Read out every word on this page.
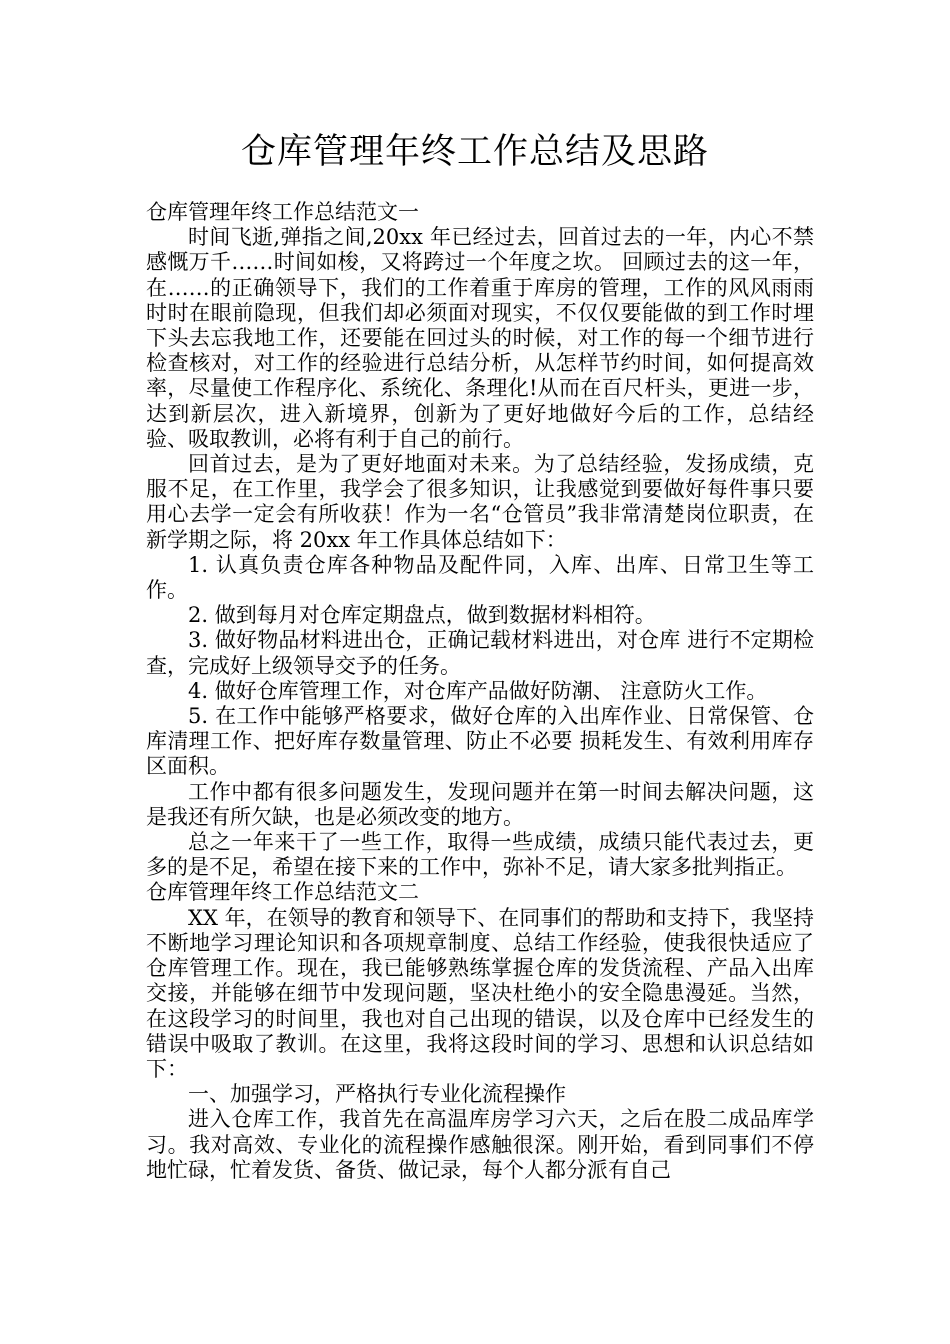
仓库管理年终工作总结及思路

仓库管理年终工作总结范文一

时间飞逝,弹指之间,20xx 年已经过去，回首过去的一年，内心不禁感慨万千……时间如梭，又将跨过一个年度之坎。 回顾过去的这一年，在……的正确领导下，我们的工作着重于库房的管理，工作的风风雨雨时时在眼前隐现，但我们却必须面对现实，不仅仅要能做的到工作时埋下头去忘我地工作，还要能在回过头的时候，对工作的每一个细节进行检查核对，对工作的经验进行总结分析，从怎样节约时间，如何提高效率，尽量使工作程序化、系统化、条理化!从而在百尺杆头，更进一步，达到新层次，进入新境界，创新为了更好地做好今后的工作，总结经验、吸取教训，必将有利于自己的前行。

回首过去，是为了更好地面对未来。为了总结经验，发扬成绩，克服不足，在工作里，我学会了很多知识，让我感觉到要做好每件事只要用心去学一定会有所收获！作为一名“仓管员”我非常清楚岗位职责，在新学期之际，将 20xx 年工作具体总结如下：

1. 认真负责仓库各种物品及配件同，入库、出库、日常卫生等工作。

2. 做到每月对仓库定期盘点，做到数据材料相符。

3. 做好物品材料进出仓，正确记载材料进出，对仓库 进行不定期检查，完成好上级领导交予的任务。

4. 做好仓库管理工作，对仓库产品做好防潮、 注意防火工作。

5. 在工作中能够严格要求，做好仓库的入出库作业、日常保管、仓库清理工作、把好库存数量管理、防止不必要 损耗发生、有效利用库存区面积。

工作中都有很多问题发生，发现问题并在第一时间去解决问题，这是我还有所欠缺，也是必须改变的地方。

总之一年来干了一些工作，取得一些成绩，成绩只能代表过去，更多的是不足，希望在接下来的工作中，弥补不足，请大家多批判指正。

仓库管理年终工作总结范文二

XX 年，在领导的教育和领导下、在同事们的帮助和支持下，我坚持不断地学习理论知识和各项规章制度、总结工作经验，使我很快适应了仓库管理工作。现在，我已能够熟练掌握仓库的发货流程、产品入出库交接，并能够在细节中发现问题，坚决杜绝小的安全隐患漫延。当然，在这段学习的时间里，我也对自己出现的错误，以及仓库中已经发生的错误中吸取了教训。在这里，我将这段时间的学习、思想和认识总结如下：

一、加强学习，严格执行专业化流程操作

进入仓库工作，我首先在高温库房学习六天，之后在股二成品库学习。我对高效、专业化的流程操作感触很深。刚开始，看到同事们不停地忙碌，忙着发货、备货、做记录，每个人都分派有自己
